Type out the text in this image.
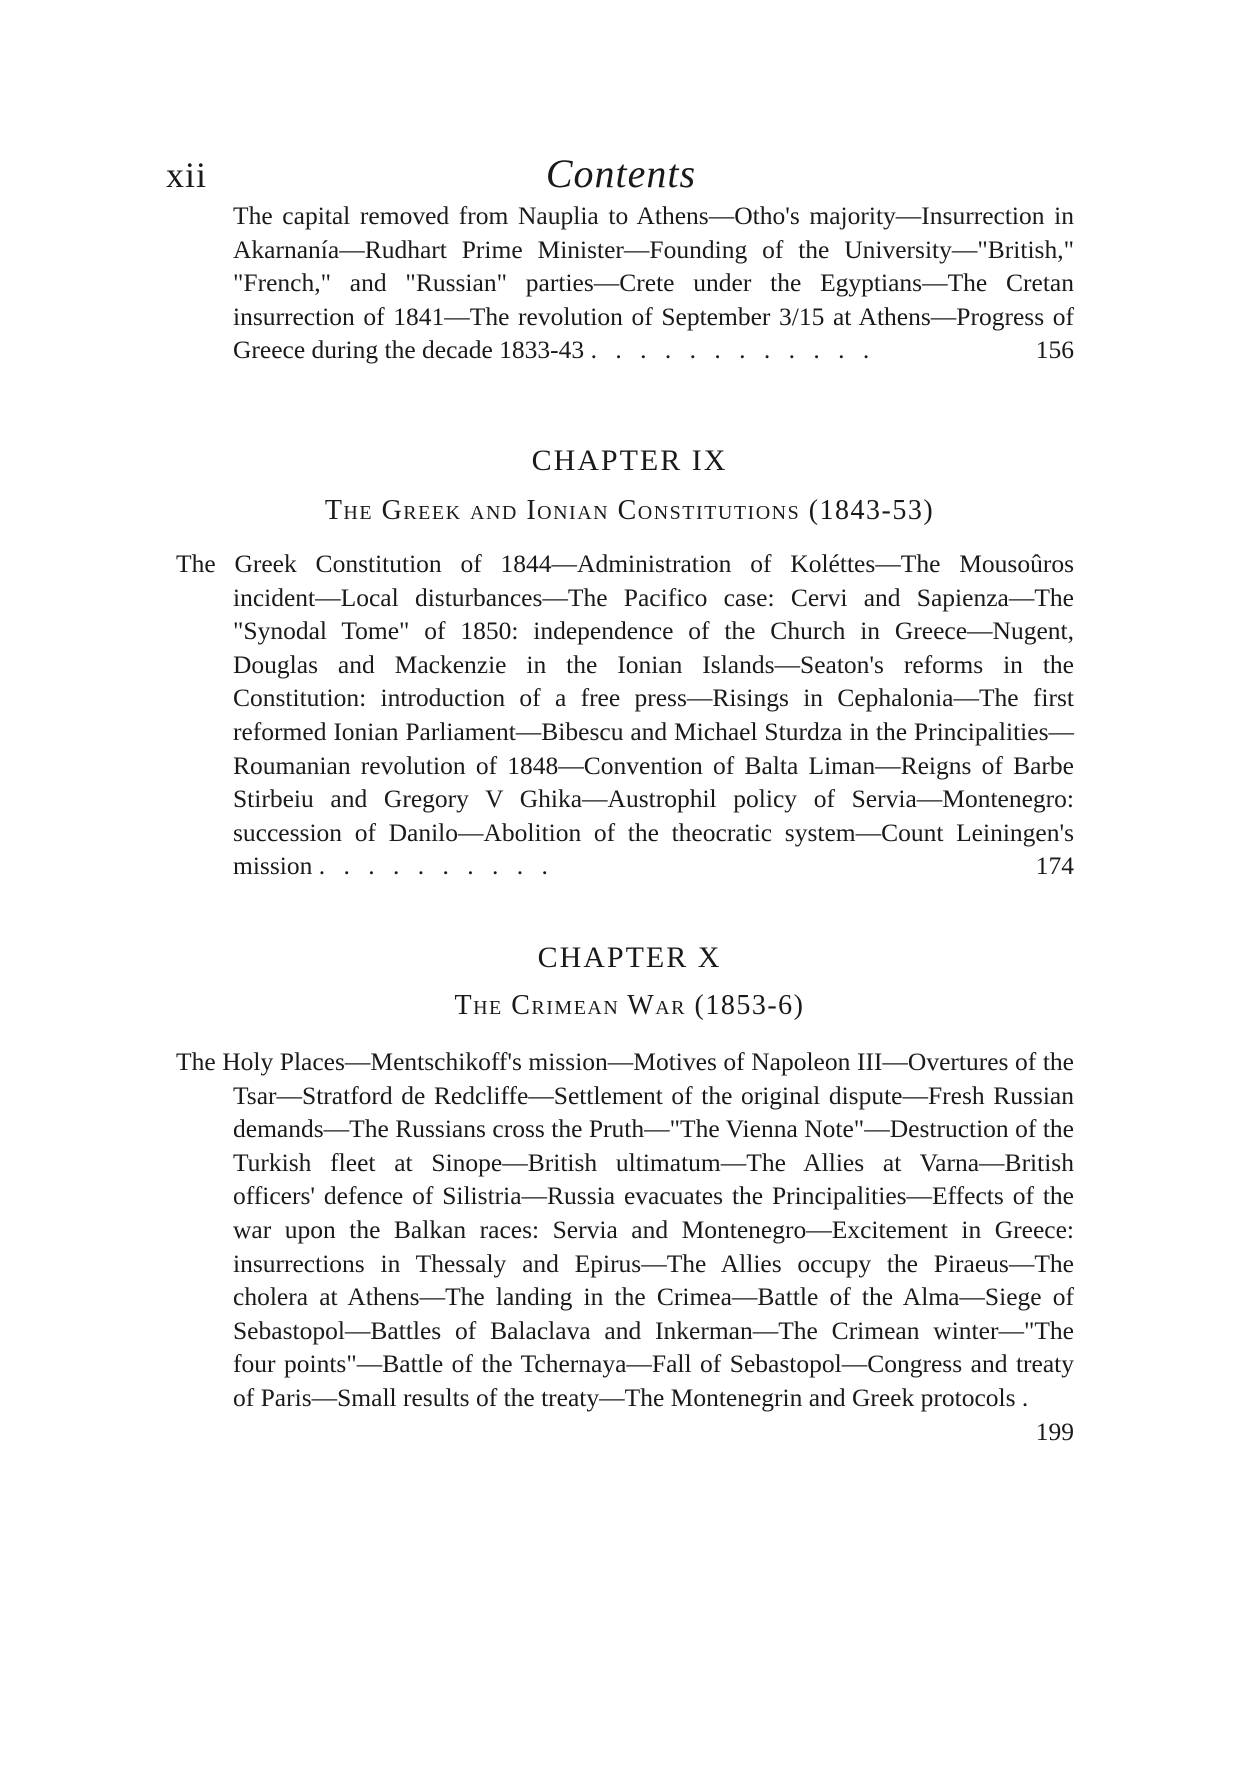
xii	Contents
The capital removed from Nauplia to Athens—Otho's majority—Insurrection in Akarnanía—Rudhart Prime Minister—Founding of the University—"British," "French," and "Russian" parties—Crete under the Egyptians—The Cretan insurrection of 1841—The revolution of September 3/15 at Athens—Progress of Greece during the decade 1833-43 . . . . . . . . . . . .	156
CHAPTER IX
The Greek and Ionian Constitutions (1843-53)
The Greek Constitution of 1844—Administration of Koléttes—The Mousoûros incident—Local disturbances—The Pacifico case: Cervi and Sapienza—The "Synodal Tome" of 1850: independence of the Church in Greece—Nugent, Douglas and Mackenzie in the Ionian Islands—Seaton's reforms in the Constitution: introduction of a free press—Risings in Cephalonia—The first reformed Ionian Parliament—Bibescu and Michael Sturdza in the Principalities—Roumanian revolution of 1848—Convention of Balta Liman—Reigns of Barbe Stirbeiu and Gregory V Ghika—Austrophil policy of Servia—Montenegro: succession of Danilo—Abolition of the theocratic system—Count Leiningen's mission . . . . . . . . . .	174
CHAPTER X
The Crimean War (1853-6)
The Holy Places—Mentschikoff's mission—Motives of Napoleon III—Overtures of the Tsar—Stratford de Redcliffe—Settlement of the original dispute—Fresh Russian demands—The Russians cross the Pruth—"The Vienna Note"—Destruction of the Turkish fleet at Sinope—British ultimatum—The Allies at Varna—British officers' defence of Silistria—Russia evacuates the Principalities—Effects of the war upon the Balkan races: Servia and Montenegro—Excitement in Greece: insurrections in Thessaly and Epirus—The Allies occupy the Piraeus—The cholera at Athens—The landing in the Crimea—Battle of the Alma—Siege of Sebastopol—Battles of Balaclava and Inkerman—The Crimean winter—"The four points"—Battle of the Tchernaya—Fall of Sebastopol—Congress and treaty of Paris—Small results of the treaty—The Montenegrin and Greek protocols .
199
